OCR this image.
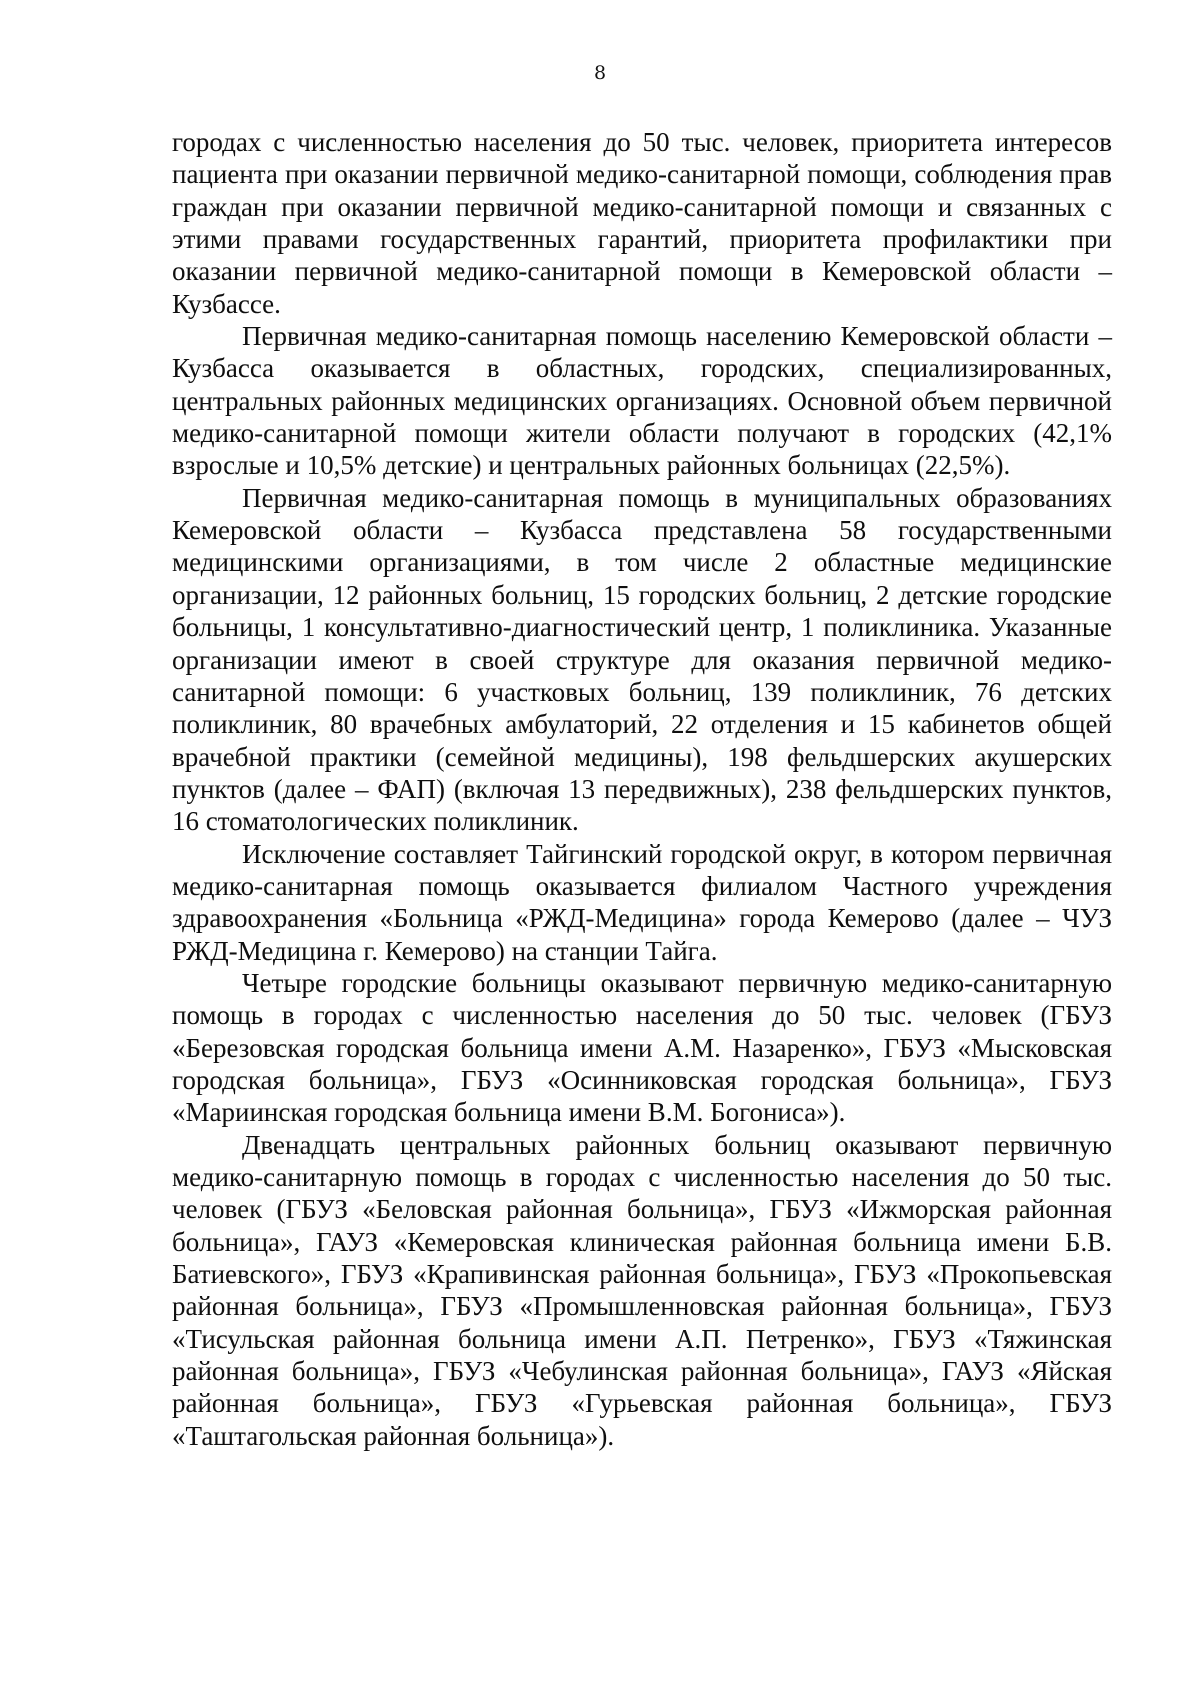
8

городах с численностью населения до 50 тыс. человек, приоритета интересов пациента при оказании первичной медико-санитарной помощи, соблюдения прав граждан при оказании первичной медико-санитарной помощи и связанных с этими правами государственных гарантий, приоритета профилактики при оказании первичной медико-санитарной помощи в Кемеровской области – Кузбассе.

Первичная медико-санитарная помощь населению Кемеровской области – Кузбасса оказывается в областных, городских, специализированных, центральных районных медицинских организациях. Основной объем первичной медико-санитарной помощи жители области получают в городских (42,1% взрослые и 10,5% детские) и центральных районных больницах (22,5%).

Первичная медико-санитарная помощь в муниципальных образованиях Кемеровской области – Кузбасса представлена 58 государственными медицинскими организациями, в том числе 2 областные медицинские организации, 12 районных больниц, 15 городских больниц, 2 детские городские больницы, 1 консультативно-диагностический центр, 1 поликлиника. Указанные организации имеют в своей структуре для оказания первичной медико-санитарной помощи: 6 участковых больниц, 139 поликлиник, 76 детских поликлиник, 80 врачебных амбулаторий, 22 отделения и 15 кабинетов общей врачебной практики (семейной медицины), 198 фельдшерских акушерских пунктов (далее – ФАП) (включая 13 передвижных), 238 фельдшерских пунктов, 16 стоматологических поликлиник.

Исключение составляет Тайгинский городской округ, в котором первичная медико-санитарная помощь оказывается филиалом Частного учреждения здравоохранения «Больница «РЖД-Медицина» города Кемерово (далее – ЧУЗ РЖД-Медицина г. Кемерово) на станции Тайга.

Четыре городские больницы оказывают первичную медико-санитарную помощь в городах с численностью населения до 50 тыс. человек (ГБУЗ «Березовская городская больница имени А.М. Назаренко», ГБУЗ «Мысковская городская больница», ГБУЗ «Осинниковская городская больница», ГБУЗ «Мариинская городская больница имени В.М. Богониса»).

Двенадцать центральных районных больниц оказывают первичную медико-санитарную помощь в городах с численностью населения до 50 тыс. человек (ГБУЗ «Беловская районная больница», ГБУЗ «Ижморская районная больница», ГАУЗ «Кемеровская клиническая районная больница имени Б.В. Батиевского», ГБУЗ «Крапивинская районная больница», ГБУЗ «Прокопьевская районная больница», ГБУЗ «Промышленновская районная больница», ГБУЗ «Тисульская районная больница имени А.П. Петренко», ГБУЗ «Тяжинская районная больница», ГБУЗ «Чебулинская районная больница», ГАУЗ «Яйская районная больница», ГБУЗ «Гурьевская районная больница», ГБУЗ «Таштагольская районная больница»).
